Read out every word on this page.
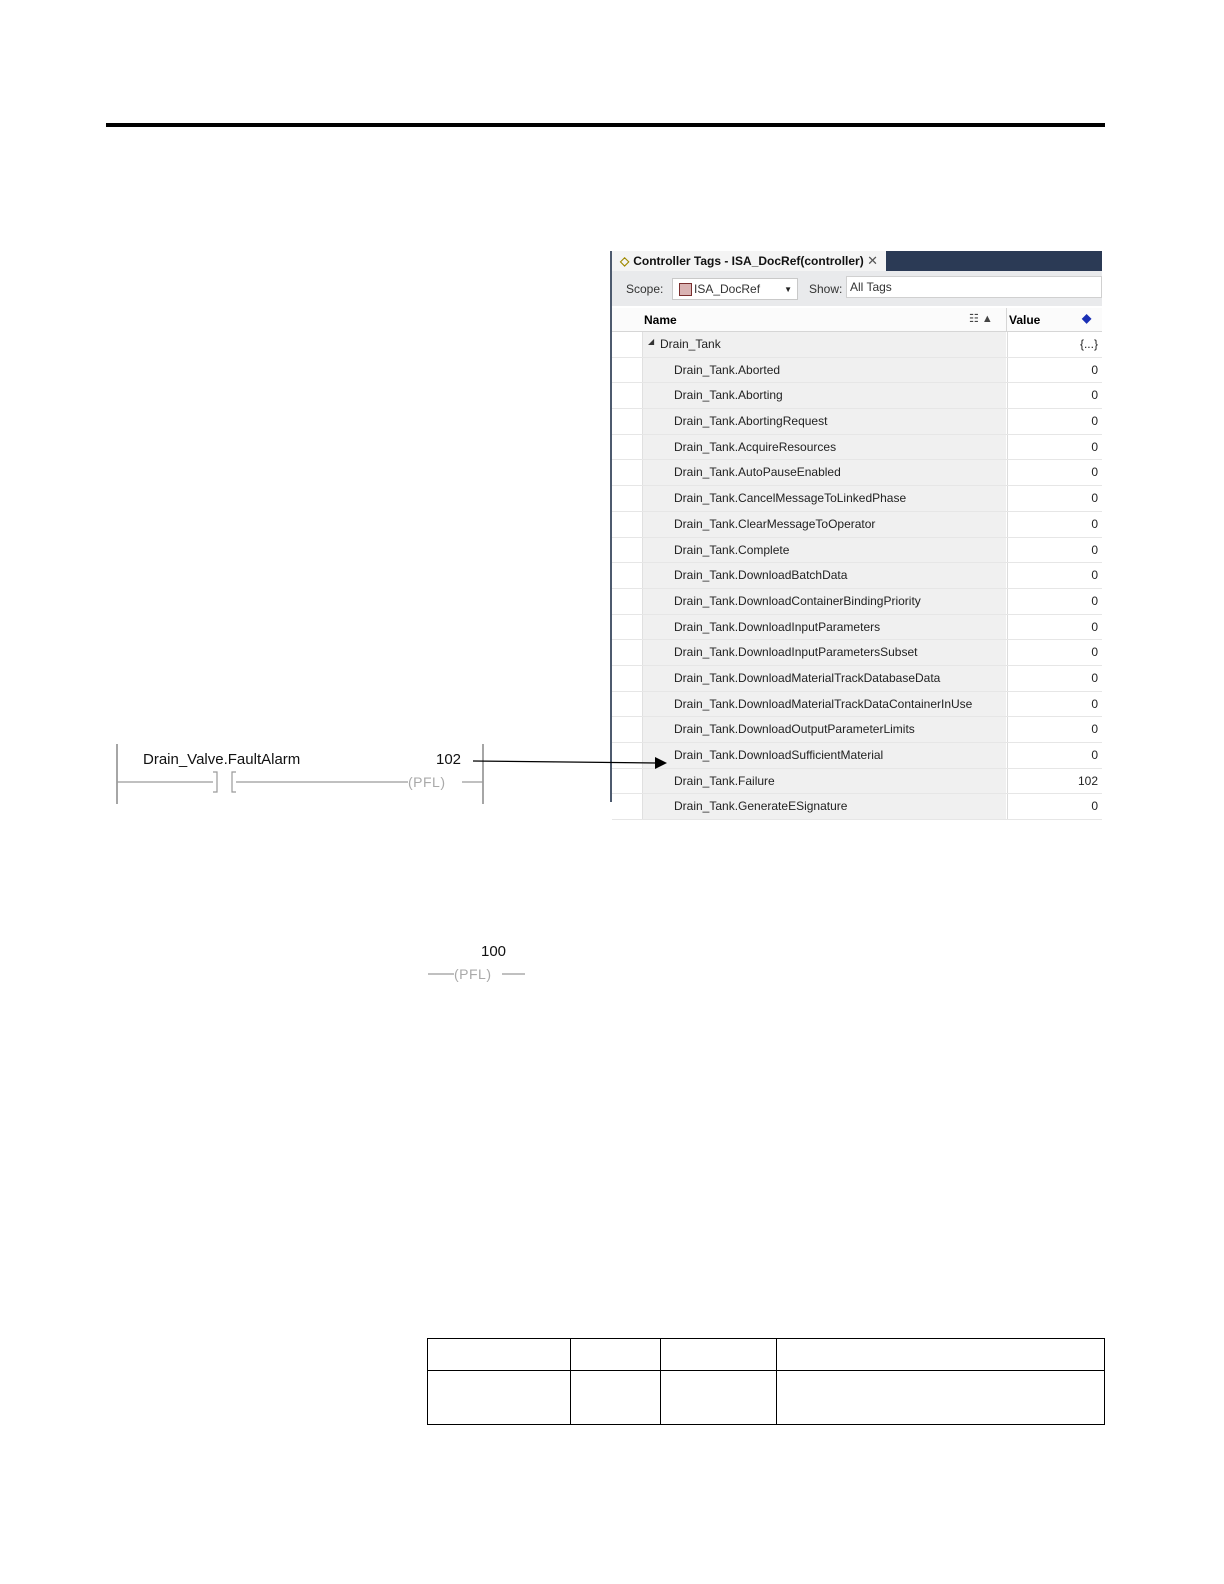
◇ Controller Tags - ISA_DocRef(controller) ✕
Scope:	ISA_DocRef	▼ Show: All Tags
Name	☷ ▲ Value	◆
◢ Drain_Tank	{...}
Drain_Tank.Aborted	0
Drain_Tank.Aborting	0
Drain_Tank.AbortingRequest	0
Drain_Tank.AcquireResources	0
Drain_Tank.AutoPauseEnabled	0
Drain_Tank.CancelMessageToLinkedPhase	0
Drain_Tank.ClearMessageToOperator	0
Drain_Tank.Complete	0
Drain_Tank.DownloadBatchData	0
Drain_Tank.DownloadContainerBindingPriority	0
Drain_Tank.DownloadInputParameters	0
Drain_Tank.DownloadInputParametersSubset	0
Drain_Tank.DownloadMaterialTrackDatabaseData	0
Drain_Tank.DownloadMaterialTrackDataContainerInUse	0
Drain_Tank.DownloadOutputParameterLimits	0
Drain_Tank.DownloadSufficientMaterial	0
Drain_Tank.Failure	102
Drain_Tank.GenerateESignature	0
Drain_Valve.FaultAlarm	102
(PFL)
100
(PFL)
